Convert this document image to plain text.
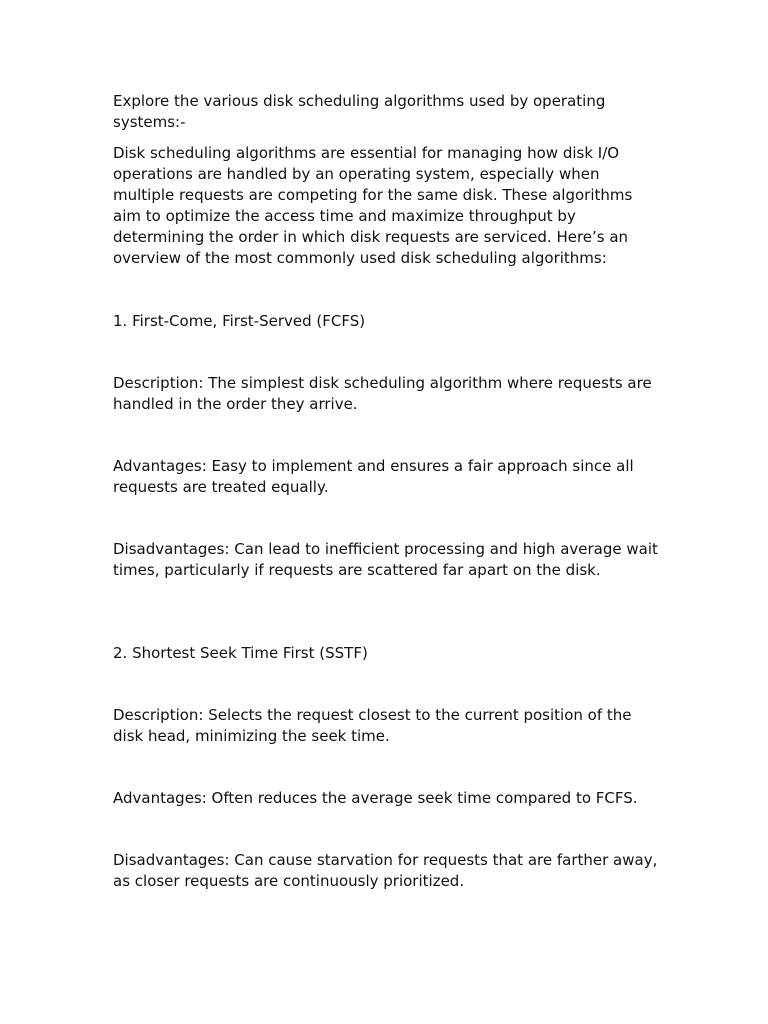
Explore the various disk scheduling algorithms used by operating systems:-

Disk scheduling algorithms are essential for managing how disk I/O operations are handled by an operating system, especially when multiple requests are competing for the same disk. These algorithms aim to optimize the access time and maximize throughput by determining the order in which disk requests are serviced. Here’s an overview of the most commonly used disk scheduling algorithms:

1. First-Come, First-Served (FCFS)

Description: The simplest disk scheduling algorithm where requests are handled in the order they arrive.

Advantages: Easy to implement and ensures a fair approach since all requests are treated equally.

Disadvantages: Can lead to inefficient processing and high average wait times, particularly if requests are scattered far apart on the disk.

2. Shortest Seek Time First (SSTF)

Description: Selects the request closest to the current position of the disk head, minimizing the seek time.

Advantages: Often reduces the average seek time compared to FCFS.

Disadvantages: Can cause starvation for requests that are farther away, as closer requests are continuously prioritized.
